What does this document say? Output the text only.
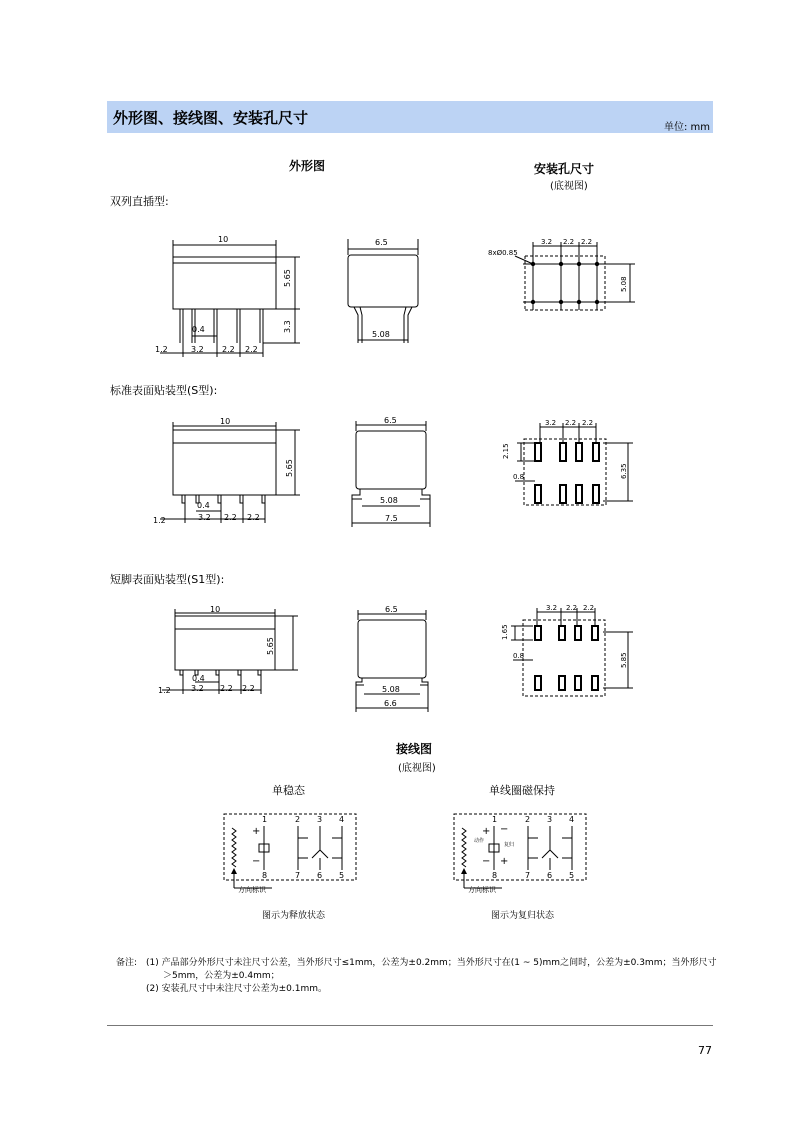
外形图、接线图、安装孔尺寸
单位: mm
外形图	安装孔尺寸
(底视图)
双列直插型:
标准表面贴装型(S型):
短脚表面贴装型(S1型):
10
5.65
3.3
0.4
1.2	3.2 2.2 2.2
6.5
5.08
8xØ0.85
3.2 2.2 2.2
5.08
10
5.65
0.4
1.2	3.2 2.2 2.2
6.5
5.08
7.5
3.2 2.2 2.2
2.15
0.8	6.35
10
5.65
0.4
1.2	3.2 2.2 2.2
6.5
5.08
6.6
3.2 2.2 2.2
1.65
0.8	5.85
接线图
(底视图)
单稳态	单线圈磁保持
1	2 3 4
8	7 6 5
+
−
方向标识
1	2 3 4
8	7 6 5
+
−
−
+
动作
复归
方向标识
图示为释放状态	图示为复归状态
备注: (1) 产品部分外形尺寸未注尺寸公差，当外形尺寸≤1mm，公差为±0.2mm；当外形尺寸在(1 ~ 5)mm之间时，公差为±0.3mm；当外形尺寸
＞5mm，公差为±0.4mm；
(2) 安装孔尺寸中未注尺寸公差为±0.1mm。
77
